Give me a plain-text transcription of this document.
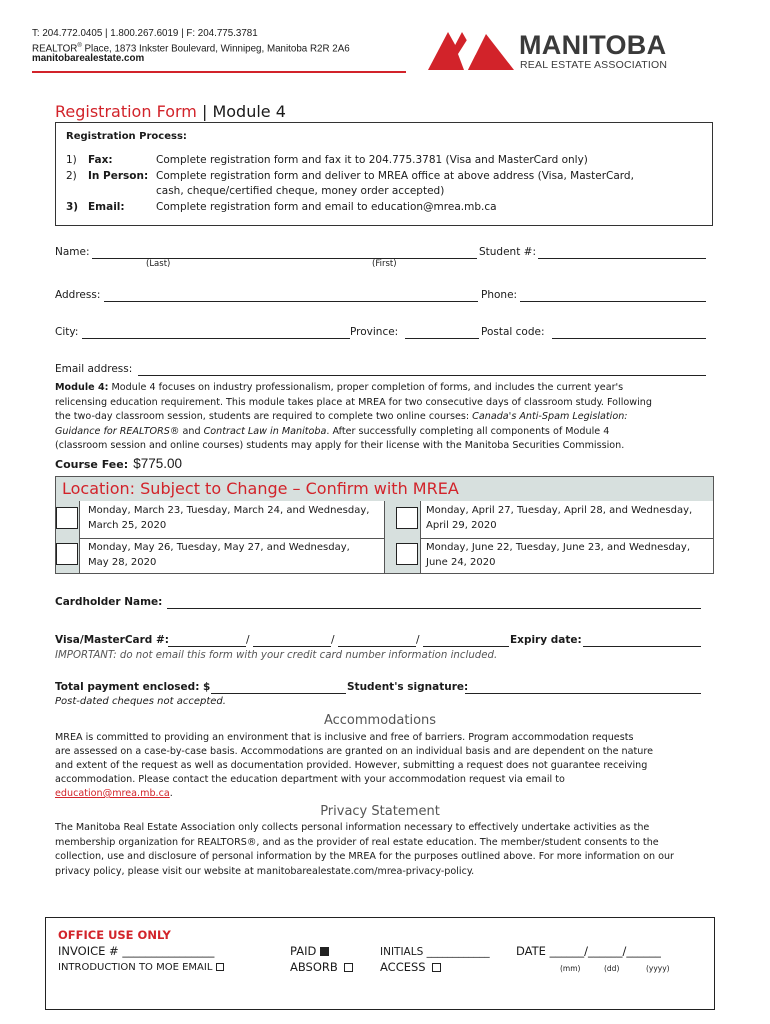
T: 204.772.0405 | 1.800.267.6019 | F: 204.775.3781
REALTOR® Place, 1873 Inkster Boulevard, Winnipeg, Manitoba R2R 2A6
manitobarealestate.com	MANITOBA
REAL ESTATE ASSOCIATION
Registration Form | Module 4
Registration Process:
1) Fax:	Complete registration form and fax it to 204.775.3781 (Visa and MasterCard only)
2) In Person: Complete registration form and deliver to MREA office at above address (Visa, MasterCard,
cash, cheque/certified cheque, money order accepted)
3) Email:	Complete registration form and email to education@mrea.mb.ca
Name:
(Last)	(First)
Student #:
Address:	Phone:
City:	Province:	Postal code:
Email address:
Module 4: Module 4 focuses on industry professionalism, proper completion of forms, and includes the current year's
relicensing education requirement. This module takes place at MREA for two consecutive days of classroom study. Following
the two-day classroom session, students are required to complete two online courses: Canada's Anti-Spam Legislation:
Guidance for REALTORS® and Contract Law in Manitoba. After successfully completing all components of Module 4
(classroom session and online courses) students may apply for their license with the Manitoba Securities Commission.
Course Fee: $775.00
Location: Subject to Change – Confirm with MREA
Monday, March 23, Tuesday, March 24, and Wednesday,
March 25, 2020
Monday, April 27, Tuesday, April 28, and Wednesday,
April 29, 2020
Monday, May 26, Tuesday, May 27, and Wednesday,
May 28, 2020
Monday, June 22, Tuesday, June 23, and Wednesday,
June 24, 2020
Cardholder Name:
Visa/MasterCard #:	/	/	/	Expiry date:
IMPORTANT: do not email this form with your credit card number information included.
Total payment enclosed: $	Student's signature:
Post-dated cheques not accepted.
Accommodations
MREA is committed to providing an environment that is inclusive and free of barriers. Program accommodation requests
are assessed on a case-by-case basis. Accommodations are granted on an individual basis and are dependent on the nature
and extent of the request as well as documentation provided. However, submitting a request does not guarantee receiving
accommodation. Please contact the education department with your accommodation request via email to
education@mrea.mb.ca.
Privacy Statement
The Manitoba Real Estate Association only collects personal information necessary to effectively undertake activities as the
membership organization for REALTORS®, and as the provider of real estate education. The member/student consents to the
collection, use and disclosure of personal information by the MREA for the purposes outlined above. For more information on our
privacy policy, please visit our website at manitobarealestate.com/mrea-privacy-policy.
OFFICE USE ONLY
INVOICE # ________________
INTRODUCTION TO MOE EMAIL
PAID
ABSORB
INITIALS ____________
ACCESS
DATE ______/______/______
(mm)	(dd)	(yyyy)
